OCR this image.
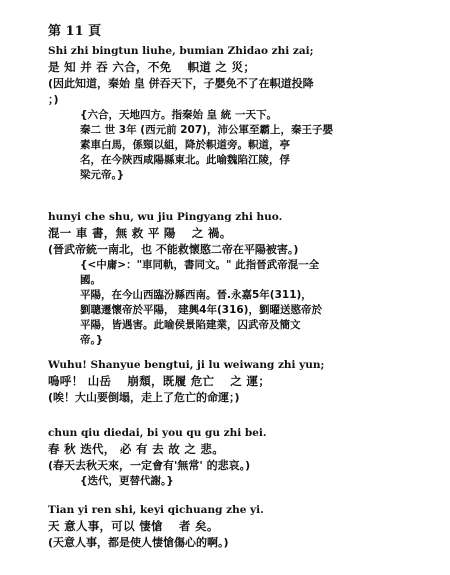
第 11 頁
Shi zhi bingtun liuhe, bumian Zhidao zhi zai;
是 知 并 吞 六合，不免 　軹道 之 災；
(因此知道，秦始 皇 併吞天下，子嬰免不了在軹道投降
；)
{六合，天地四方。指秦始 皇 統 一天下。
秦二 世 3年 (西元前 207)，沛公軍至霸上，秦王子嬰
素車白馬，係頸以組，降於軹道旁。軹道，亭
名，在今陝西咸陽縣東北。此喻魏陷江陵，俘
梁元帝。}
hunyi che shu, wu jiu Pingyang zhi huo.
混一 車 書，無 救 平 陽 　之 禍。
(晉武帝統一南北，也 不能救懷愍二帝在平陽被害。)
{<中庸>："車同軌，書同文。" 此指晉武帝混一全
國。
平陽，在今山西臨汾縣西南。晉.永嘉5年(311)，
劉聰遷懷帝於平陽， 建興4年(316)，劉曜送愍帝於
平陽，皆遇害。此喻侯景陷建業，囚武帝及簡文
帝。}
Wuhu! Shanyue bengtui, ji lu weiwang zhi yun;
嗚呼！ 山岳 　崩頹，既履 危亡 　之 運；
(唉！大山要倒塌，走上了危亡的命運；)
chun qiu diedai, bi you qu gu zhi bei.
春 秋 迭代， 必 有 去 故 之 悲。
(春天去秋天來，一定會有'無常' 的悲哀。)
{迭代，更替代謝。}
Tian yi ren shi, keyi qichuang zhe yi.
天 意人事，可以 悽愴 　者 矣。
(天意人事，都是使人悽愴傷心的啊。)
